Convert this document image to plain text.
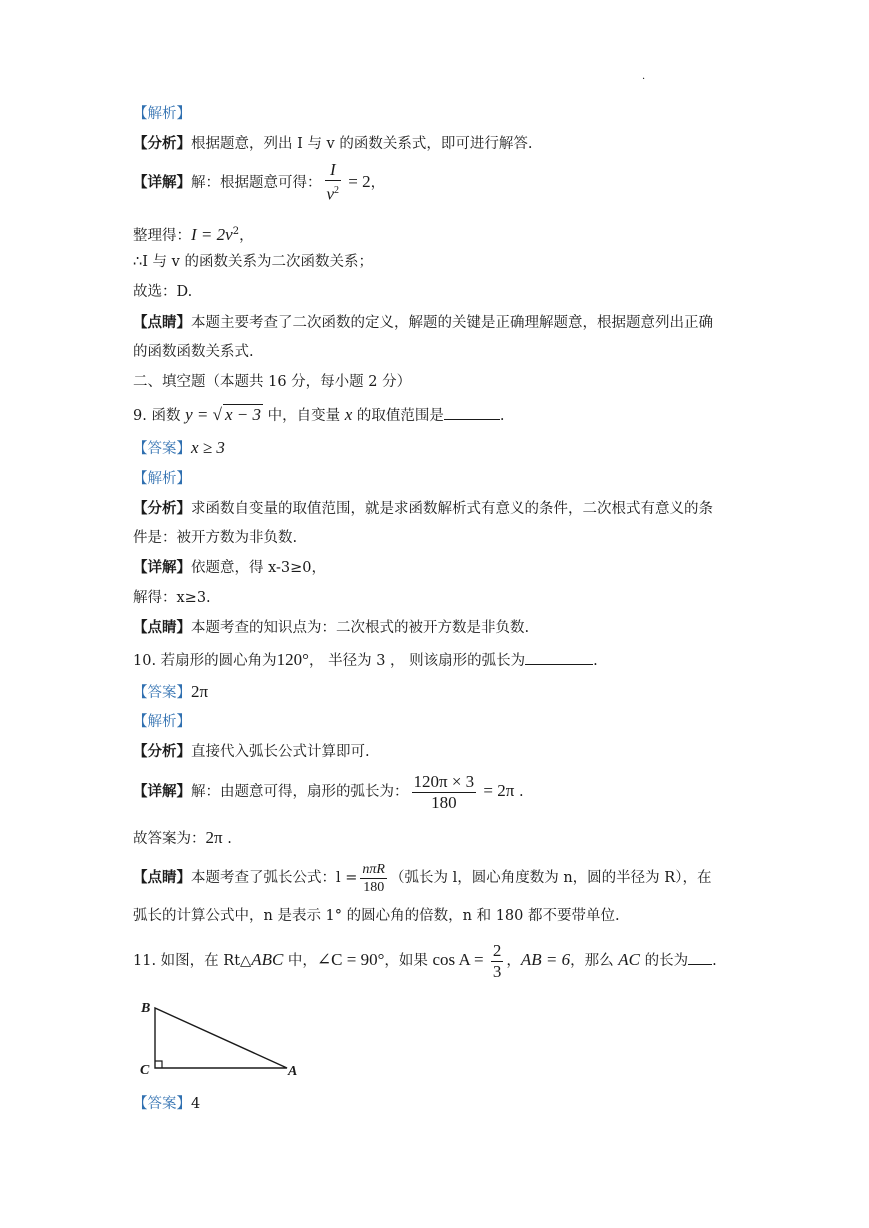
·
【解析】
【分析】根据题意，列出 I 与 v 的函数关系式，即可进行解答.
【详解】解：根据题意可得： $\frac{I}{v^2} = 2$，
整理得：$I = 2v^2$，
∴I 与 v 的函数关系为二次函数关系；
故选：D.
【点睛】本题主要考查了二次函数的定义，解题的关键是正确理解题意，根据题意列出正确
的函数函数关系式.
二、填空题（本题共 16 分，每小题 2 分）
9. 函数 y = √ x − 3 中，自变量 x 的取值范围是	.
【答案】x ≥ 3
【解析】
【分析】求函数自变量的取值范围，就是求函数解析式有意义的条件，二次根式有意义的条
件是：被开方数为非负数.
【详解】依题意，得 x-3≥0，
解得：x≥3.
【点睛】本题考查的知识点为：二次根式的被开方数是非负数.
10. 若扇形的圆心角为120°， 半径为 3 ， 则该扇形的弧长为	.
【答案】2π
【解析】
【分析】直接代入弧长公式计算即可.
【详解】解：由题意可得，扇形的弧长为： $\frac{120\pi \times 3}{180} = 2\pi$ .
故答案为：2π .
【点睛】本题考查了弧长公式：$l = \frac{\text{nπR}}{180}$ （弧长为 l，圆心角度数为 n，圆的半径为 R），在
弧长的计算公式中，n 是表示 1° 的圆心角的倍数，n 和 180 都不要带单位.
11. 如图，在 Rt△ABC 中，∠C = 90°，如果 $\cos A = \frac{2}{3}$ ，AB = 6，那么 AC 的长为 .
B
C	A
【答案】4
